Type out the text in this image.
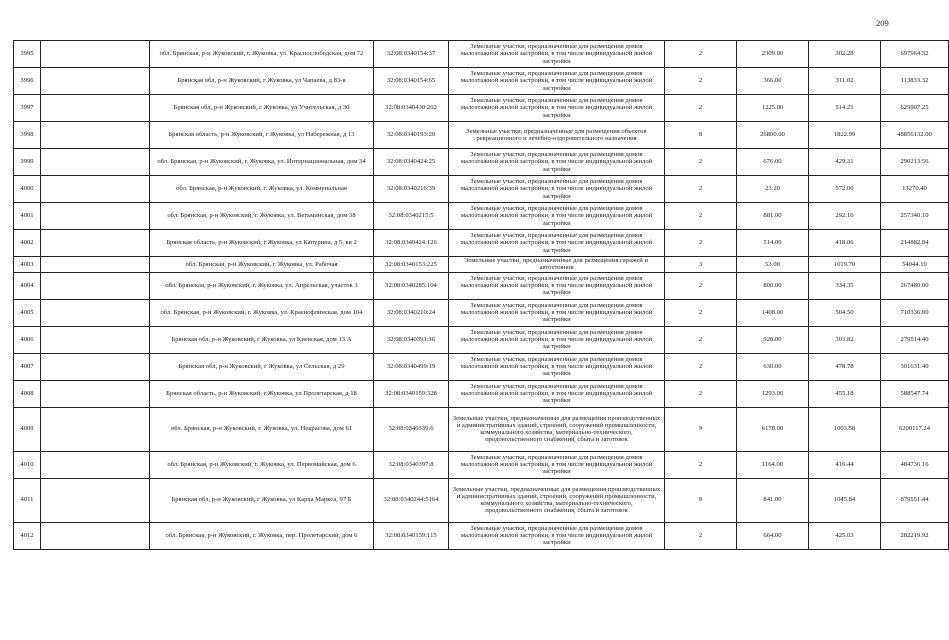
209
3995		обл. Брянская, р-н Жуковский, г. Жуковка, ул. Краснослободская, дом 72	32:08:0340154:37	Земельные участки, предназначенные для размещения домов малоэтажной жилой застройки, в том числе индивидуальной жилой застройки	2	2309.00	302.28	697964.52
3996		Брянская обл, р-н Жуковский, г Жуковка, ул Чапаева, д 83-в	32:08:0340154:65	Земельные участки, предназначенные для размещения домов малоэтажной жилой застройки, в том числе индивидуальной жилой застройки	2	366.00	311.02	113833.32
3997		Брянская обл, р-н Жуковский, г Жуковка, ул Учительская, д 30	32:08:0340430:202	Земельные участки, предназначенные для размещения домов малоэтажной жилой застройки, в том числе индивидуальной жилой застройки	2	1225.00	514.21	629907.25
3998		Брянская область, р-н Жуковский, г Жуковка, ул Набережная, д 13	32:08:0340193:20	Земельные участки, предназначенные для размещения объектов рекреационного и лечебно-оздоровительного назначения	8	26800.00	1822.99	48856132.00
3999		обл. Брянская, р-н Жуковский, г. Жуковка, ул. Интернациональная, дом 34	32:08:0340424:25	Земельные участки, предназначенные для размещения домов малоэтажной жилой застройки, в том числе индивидуальной жилой застройки	2	676.00	429.31	290213.56
4000		обл. Брянская, р-н Жуковский, г. Жуковка, ул. Коммунальная	32:08:0340216:39	Земельные участки, предназначенные для размещения домов малоэтажной жилой застройки, в том числе индивидуальной жилой застройки	2	23.20	572.00	13270.40
4001		обл. Брянская, р-н Жуковский, г. Жуковка, ул. Ветьминская, дом 38	32:08:0340215:5	Земельные участки, предназначенные для размещения домов малоэтажной жилой застройки, в том числе индивидуальной жилой застройки	2	881.00	292.10	257340.10
4002		Брянская область, р-н Жуковский, г Жуковка, ул Капурина, д 5, кв 2	32:08:0340424:126	Земельные участки, предназначенные для размещения домов малоэтажной жилой застройки, в том числе индивидуальной жилой застройки	2	514.00	418.06	214882.84
4003		обл. Брянская, р-н Жуковский, г. Жуковка, ул. Рабочая	32:08:0340153:225	Земельные участки, предназначенные для размещения гаражей и автостоянок	3	53.00	1019.70	54044.10
4004		обл. Брянская, р-н Жуковский, г. Жуковка, ул. Апрельская, участок 3	32:08:0340285:104	Земельные участки, предназначенные для размещения домов малоэтажной жилой застройки, в том числе индивидуальной жилой застройки	2	800.00	334.35	267480.00
4005		обл. Брянская, р-н Жуковский, г. Жуковка, ул. Краснофлинская, дом 104	32:08:0340210:24	Земельные участки, предназначенные для размещения домов малоэтажной жилой застройки, в том числе индивидуальной жилой застройки	2	1408.00	504.50	710336.00
4006		Брянская обл, р-н Жуковский, г Жуковка, ул Киевская, дом 13 А	32:08:0340391:16	Земельные участки, предназначенные для размещения домов малоэтажной жилой застройки, в том числе индивидуальной жилой застройки	2	920.00	303.82	279514.40
4007		Брянская обл, р-н Жуковский, г Жуковка, ул Сельская, д 29	32:08:0340499:19	Земельные участки, предназначенные для размещения домов малоэтажной жилой застройки, в том числе индивидуальной жилой застройки	2	630.00	478.78	301631.40
4008		Брянская область, р-н Жуковский, г Жуковка, ул Пролетарская, д 18	32:08:0340159:328	Земельные участки, предназначенные для размещения домов малоэтажной жилой застройки, в том числе индивидуальной жилой застройки	2	1293.00	455.18	588547.74
4009		обл. Брянская, р-н Жуковский, г. Жуковка, ул. Некрасова, дом 61	32:08:0340339:6	Земельные участки, предназначенные для размещения производственных и административных зданий, строений, сооружений промышленности, коммунального хозяйства, материально-технического, продовольственного снабжения, сбыта и заготовок	9	6178.00	1003.58	6200117.24
4010		обл. Брянская, р-н Жуковский, г. Жуковка, ул. Первомайская, дом 6	32:08:0340397:8	Земельные участки, предназначенные для размещения домов малоэтажной жилой застройки, в том числе индивидуальной жилой застройки	2	1164.00	416.44	484736.16
4011		Брянская обл, р-н Жуковский, г Жуковка, ул Карла Маркса, 97 Б	32:08:0340244:5164	Земельные участки, предназначенные для размещения производственных и административных зданий, строений, сооружений промышленности, коммунального хозяйства, материально-технического, продовольственного снабжения, сбыта и заготовок	9	841.00	1045.84	879551.44
4012		обл. Брянская, р-н Жуковский, г. Жуковка, пер. Пролетарский, дом 6	32:08:0340159:115	Земельные участки, предназначенные для размещения домов малоэтажной жилой застройки, в том числе индивидуальной жилой застройки	2	664.00	425.03	282219.92
